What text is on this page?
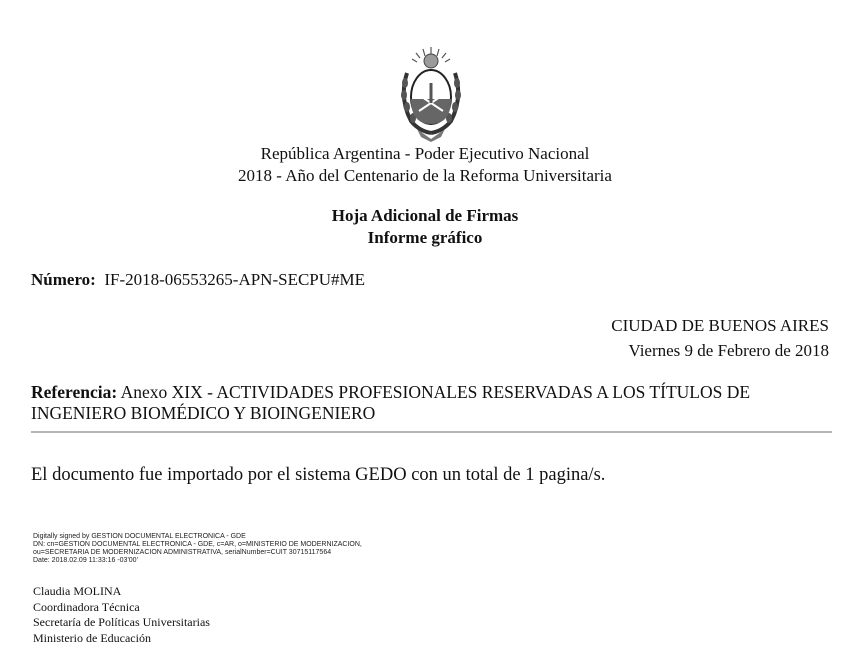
República Argentina - Poder Ejecutivo Nacional
2018 - Año del Centenario de la Reforma Universitaria
Hoja Adicional de Firmas
Informe gráfico
Número: IF-2018-06553265-APN-SECPU#ME
CIUDAD DE BUENOS AIRES
Viernes 9 de Febrero de 2018
Referencia: Anexo XIX - ACTIVIDADES PROFESIONALES RESERVADAS A LOS TÍTULOS DE INGENIERO BIOMÉDICO Y BIOINGENIERO
El documento fue importado por el sistema GEDO con un total de 1 pagina/s.
Digitally signed by GESTION DOCUMENTAL ELECTRONICA - GDE
DN: cn=GESTION DOCUMENTAL ELECTRONICA - GDE, c=AR, o=MINISTERIO DE MODERNIZACION,
ou=SECRETARIA DE MODERNIZACION ADMINISTRATIVA, serialNumber=CUIT 30715117564
Date: 2018.02.09 11:33:16 -03'00'
Claudia MOLINA
Coordinadora Técnica
Secretaría de Políticas Universitarias
Ministerio de Educación
